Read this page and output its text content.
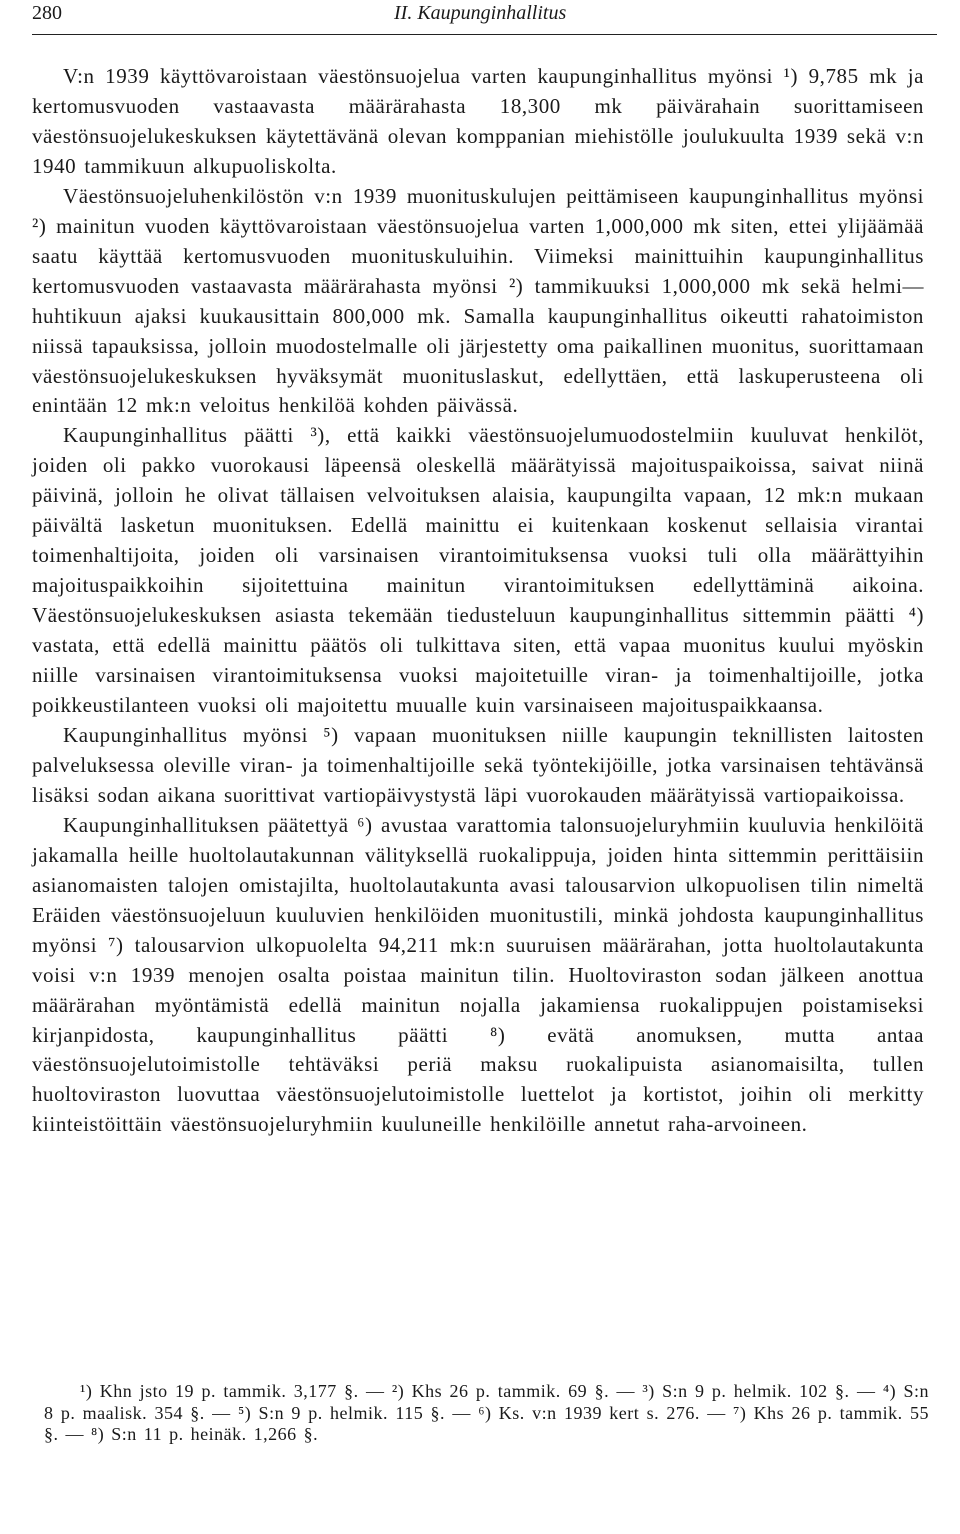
280	II. Kaupunginhallitus

V:n 1939 käyttövaroistaan väestönsuojelua varten kaupunginhallitus myönsi ¹) 9,785 mk ja kertomusvuoden vastaavasta määrärahasta 18,300 mk päivärahain suorittamiseen väestönsuojelukeskuksen käytettävänä olevan komppanian miehistölle joulukuulta 1939 sekä v:n 1940 tammikuun alkupuoliskolta.

Väestönsuojeluhenkilöstön v:n 1939 muonituskulujen peittämiseen kaupunginhallitus myönsi ²) mainitun vuoden käyttövaroistaan väestönsuojelua varten 1,000,000 mk siten, ettei ylijäämää saatu käyttää kertomusvuoden muonituskuluihin. Viimeksi mainittuihin kaupunginhallitus kertomusvuoden vastaavasta määrärahasta myönsi ²) tammikuuksi 1,000,000 mk sekä helmi—huhtikuun ajaksi kuukausittain 800,000 mk. Samalla kaupunginhallitus oikeutti rahatoimiston niissä tapauksissa, jolloin muodostelmalle oli järjestetty oma paikallinen muonitus, suorittamaan väestönsuojelukeskuksen hyväksymät muonituslaskut, edellyttäen, että laskuperusteena oli enintään 12 mk:n veloitus henkilöä kohden päivässä.

Kaupunginhallitus päätti ³), että kaikki väestönsuojelumuodostelmiin kuuluvat henkilöt, joiden oli pakko vuorokausi läpeensä oleskellä määrätyissä majoituspaikoissa, saivat niinä päivinä, jolloin he olivat tällaisen velvoituksen alaisia, kaupungilta vapaan, 12 mk:n mukaan päivältä lasketun muonituksen. Edellä mainittu ei kuitenkaan koskenut sellaisia virantai toimenhaltijoita, joiden oli varsinaisen virantoimituksensa vuoksi tuli olla määrättyihin majoituspaikkoihin sijoitettuina mainitun virantoimituksen edellyttäminä aikoina. Väestönsuojelukeskuksen asiasta tekemään tiedusteluun kaupunginhallitus sittemmin päätti ⁴) vastata, että edellä mainittu päätös oli tulkittava siten, että vapaa muonitus kuului myöskin niille varsinaisen virantoimituksensa vuoksi majoitetuille viran- ja toimenhaltijoille, jotka poikkeustilanteen vuoksi oli majoitettu muualle kuin varsinaiseen majoituspaikkaansa.

Kaupunginhallitus myönsi ⁵) vapaan muonituksen niille kaupungin teknillisten laitosten palveluksessa oleville viran- ja toimenhaltijoille sekä työntekijöille, jotka varsinaisen tehtävänsä lisäksi sodan aikana suorittivat vartiopäivystystä läpi vuorokauden määrätyissä vartiopaikoissa.

Kaupunginhallituksen päätettyä ⁶) avustaa varattomia talonsuojeluryhmiin kuuluvia henkilöitä jakamalla heille huoltolautakunnan välityksellä ruokalippuja, joiden hinta sittemmin perittäisiin asianomaisten talojen omistajilta, huoltolautakunta avasi talousarvion ulkopuolisen tilin nimeltä Eräiden väestönsuojeluun kuuluvien henkilöiden muonitustili, minkä johdosta kaupunginhallitus myönsi ⁷) talousarvion ulkopuolelta 94,211 mk:n suuruisen määrärahan, jotta huoltolautakunta voisi v:n 1939 menojen osalta poistaa mainitun tilin. Huoltoviraston sodan jälkeen anottua määrärahan myöntämistä edellä mainitun nojalla jakamiensa ruokalippujen poistamiseksi kirjanpidosta, kaupunginhallitus päätti ⁸) evätä anomuksen, mutta antaa väestönsuojelutoimistolle tehtäväksi periä maksu ruokalipuista asianomaisilta, tullen huoltoviraston luovuttaa väestönsuojelutoimistolle luettelot ja kortistot, joihin oli merkitty kiinteistöittäin väestönsuojeluryhmiin kuuluneille henkilöille annetut raha-arvoineen.

¹) Khn jsto 19 p. tammik. 3,177 §. — ²) Khs 26 p. tammik. 69 §. — ³) S:n 9 p. helmik. 102 §. — ⁴) S:n 8 p. maalisk. 354 §. — ⁵) S:n 9 p. helmik. 115 §. — ⁶) Ks. v:n 1939 kert s. 276. — ⁷) Khs 26 p. tammik. 55 §. — ⁸) S:n 11 p. heinäk. 1,266 §.
